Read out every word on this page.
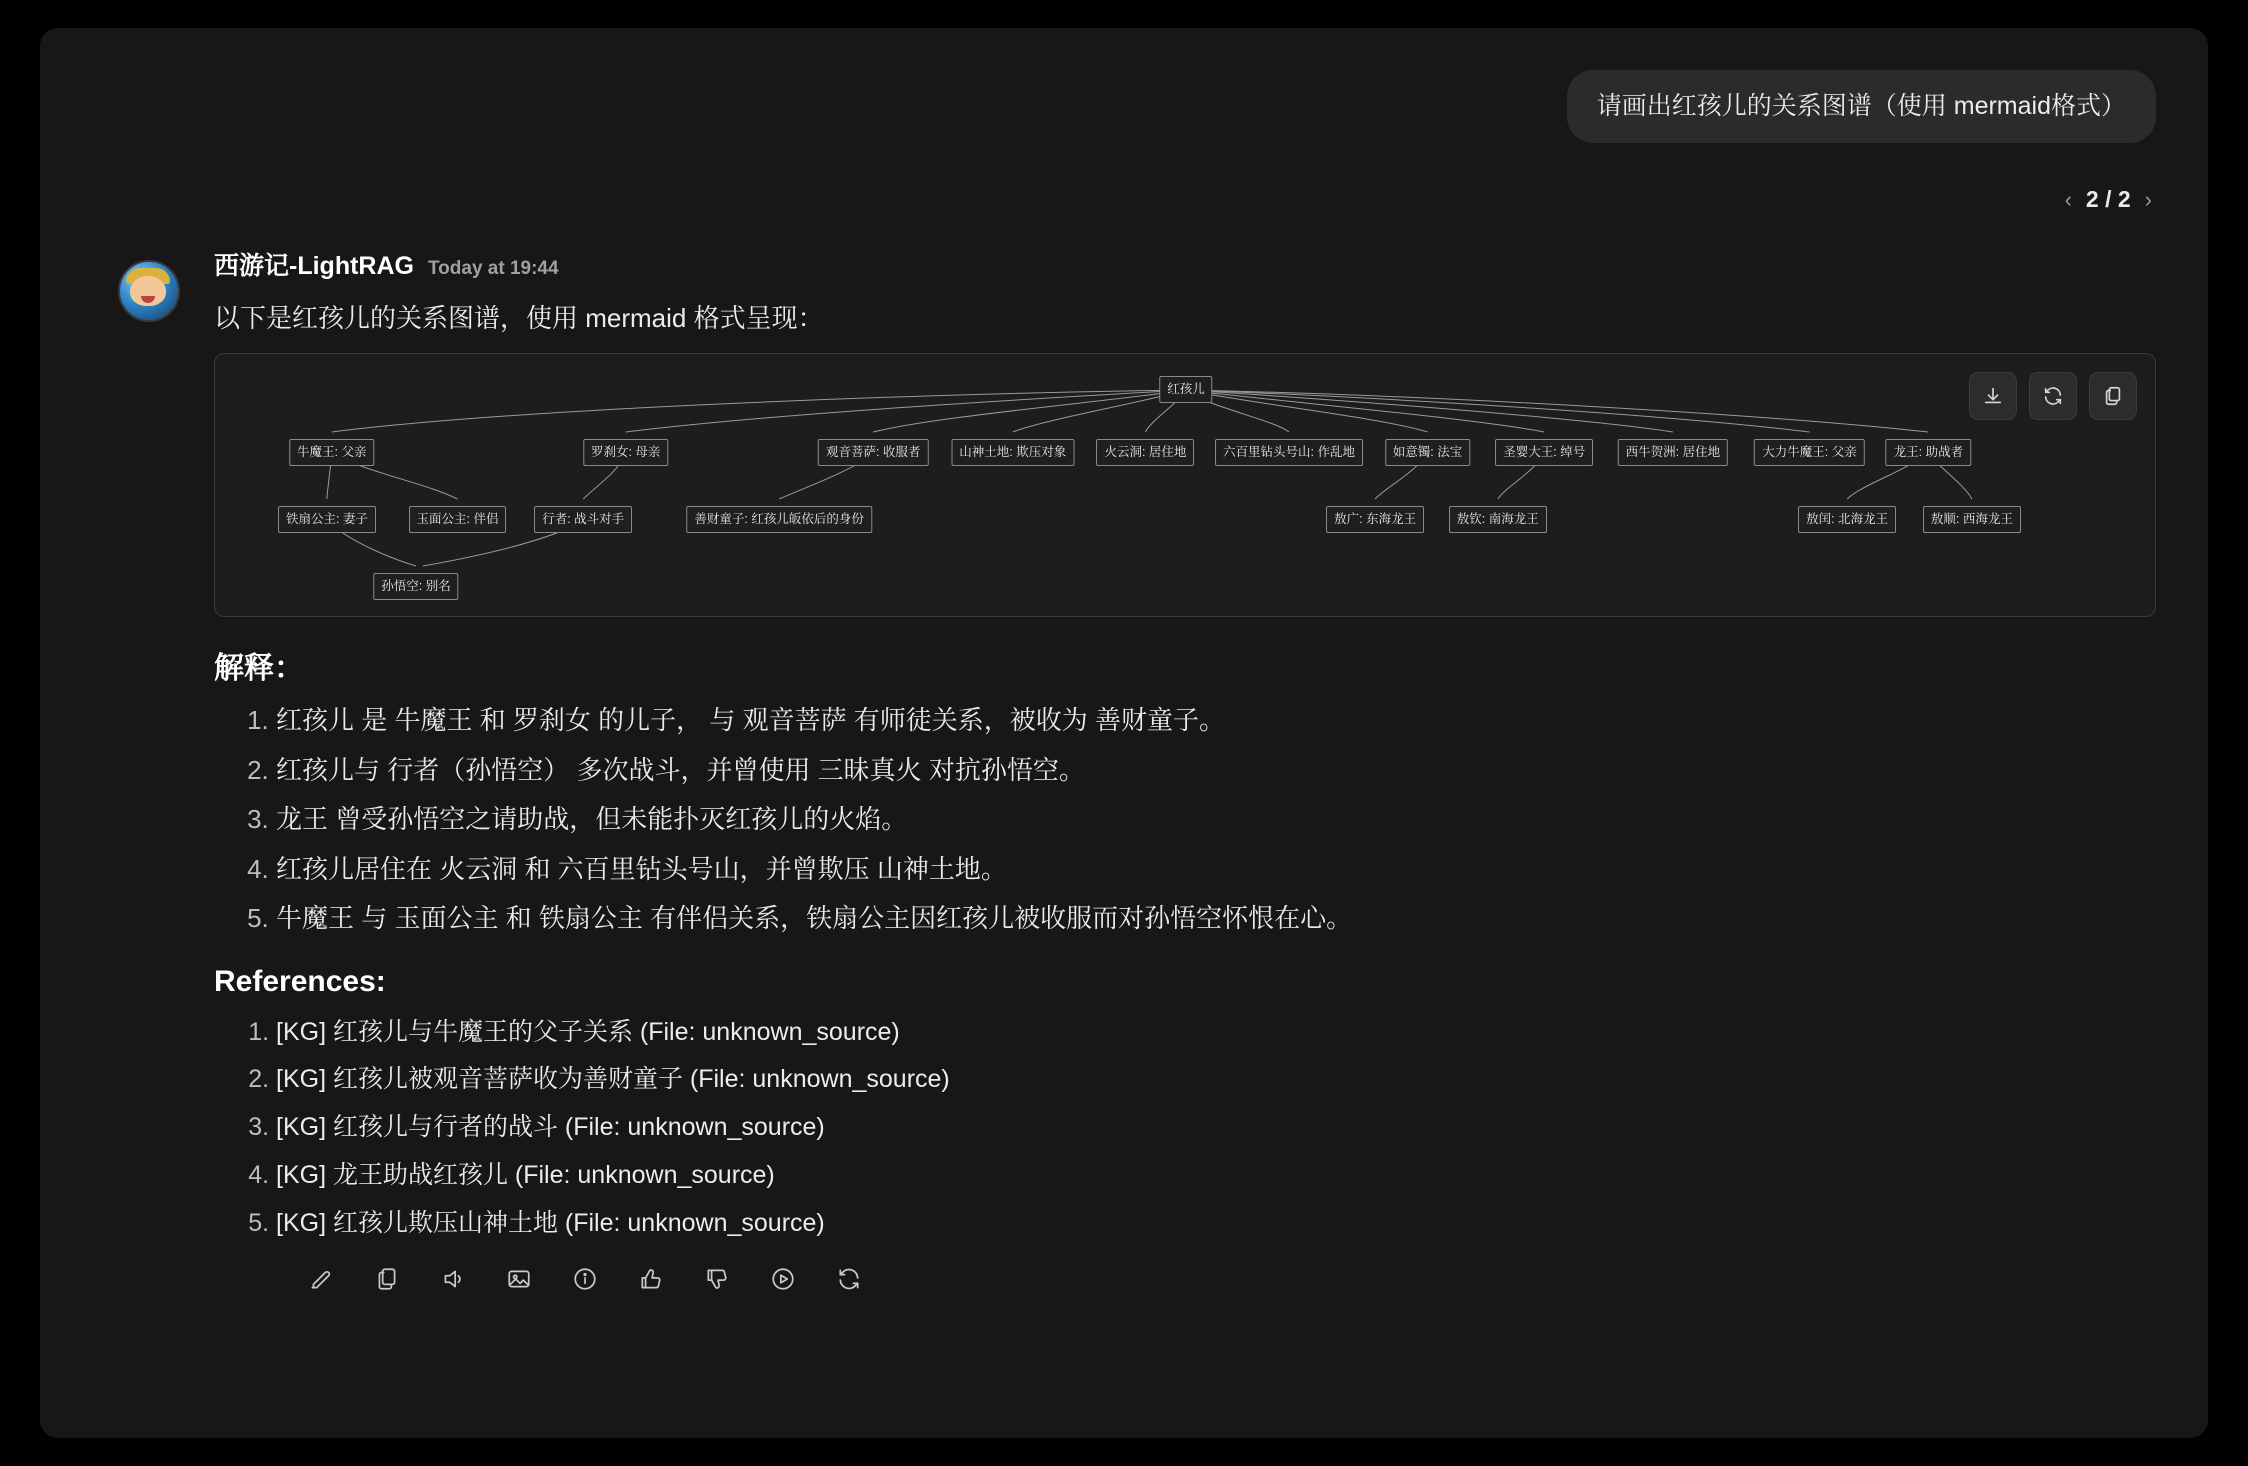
请画出红孩儿的关系图谱（使用 mermaid格式）
‹ 2 / 2 ›
西游记-LightRAG Today at 19:44
以下是红孩儿的关系图谱，使用 mermaid 格式呈现：
红孩儿
牛魔王: 父亲	罗刹女: 母亲	观音菩萨: 收服者	山神土地: 欺压对象	火云洞: 居住地	六百里钻头号山: 作乱地	如意镯: 法宝	圣婴大王: 绰号	西牛贺洲: 居住地	大力牛魔王: 父亲	龙王: 助战者
铁扇公主: 妻子	玉面公主: 伴侣	行者: 战斗对手	善财童子: 红孩儿皈依后的身份	敖广: 东海龙王	敖钦: 南海龙王	敖闰: 北海龙王	敖顺: 西海龙王
孙悟空: 别名
解释：
1. 红孩儿 是 牛魔王 和 罗刹女 的儿子， 与 观音菩萨 有师徒关系，被收为 善财童子。
2. 红孩儿与 行者（孙悟空） 多次战斗，并曾使用 三昧真火 对抗孙悟空。
3. 龙王 曾受孙悟空之请助战，但未能扑灭红孩儿的火焰。
4. 红孩儿居住在 火云洞 和 六百里钻头号山，并曾欺压 山神土地。
5. 牛魔王 与 玉面公主 和 铁扇公主 有伴侣关系，铁扇公主因红孩儿被收服而对孙悟空怀恨在心。
References:
1. [KG] 红孩儿与牛魔王的父子关系 (File: unknown_source)
2. [KG] 红孩儿被观音菩萨收为善财童子 (File: unknown_source)
3. [KG] 红孩儿与行者的战斗 (File: unknown_source)
4. [KG] 龙王助战红孩儿 (File: unknown_source)
5. [KG] 红孩儿欺压山神土地 (File: unknown_source)
